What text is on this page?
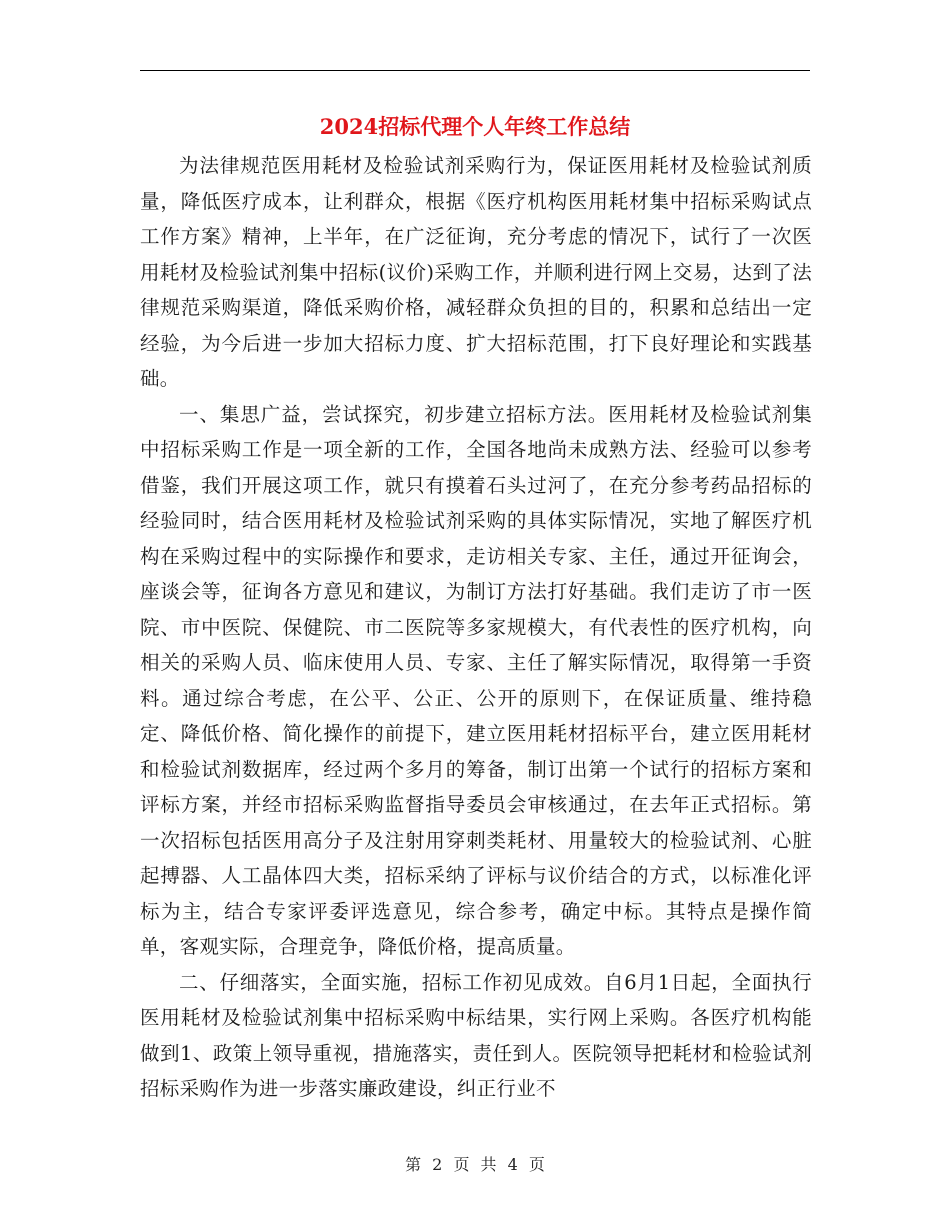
2024招标代理个人年终工作总结

为法律规范医用耗材及检验试剂采购行为，保证医用耗材及检验试剂质量，降低医疗成本，让利群众，根据《医疗机构医用耗材集中招标采购试点工作方案》精神，上半年，在广泛征询，充分考虑的情况下，试行了一次医用耗材及检验试剂集中招标(议价)采购工作，并顺利进行网上交易，达到了法律规范采购渠道，降低采购价格，减轻群众负担的目的，积累和总结出一定经验，为今后进一步加大招标力度、扩大招标范围，打下良好理论和实践基础。

一、集思广益，尝试探究，初步建立招标方法。医用耗材及检验试剂集中招标采购工作是一项全新的工作，全国各地尚未成熟方法、经验可以参考借鉴，我们开展这项工作，就只有摸着石头过河了，在充分参考药品招标的经验同时，结合医用耗材及检验试剂采购的具体实际情况，实地了解医疗机构在采购过程中的实际操作和要求，走访相关专家、主任，通过开征询会，座谈会等，征询各方意见和建议，为制订方法打好基础。我们走访了市一医院、市中医院、保健院、市二医院等多家规模大，有代表性的医疗机构，向相关的采购人员、临床使用人员、专家、主任了解实际情况，取得第一手资料。通过综合考虑，在公平、公正、公开的原则下，在保证质量、维持稳定、降低价格、简化操作的前提下，建立医用耗材招标平台，建立医用耗材和检验试剂数据库，经过两个多月的筹备，制订出第一个试行的招标方案和评标方案，并经市招标采购监督指导委员会审核通过，在去年正式招标。第一次招标包括医用高分子及注射用穿刺类耗材、用量较大的检验试剂、心脏起搏器、人工晶体四大类，招标采纳了评标与议价结合的方式，以标准化评标为主，结合专家评委评选意见，综合参考，确定中标。其特点是操作简单，客观实际，合理竞争，降低价格，提高质量。

二、仔细落实，全面实施，招标工作初见成效。自6月1日起，全面执行医用耗材及检验试剂集中招标采购中标结果，实行网上采购。各医疗机构能做到1、政策上领导重视，措施落实，责任到人。医院领导把耗材和检验试剂招标采购作为进一步落实廉政建设，纠正行业不

第 2 页 共 4 页
